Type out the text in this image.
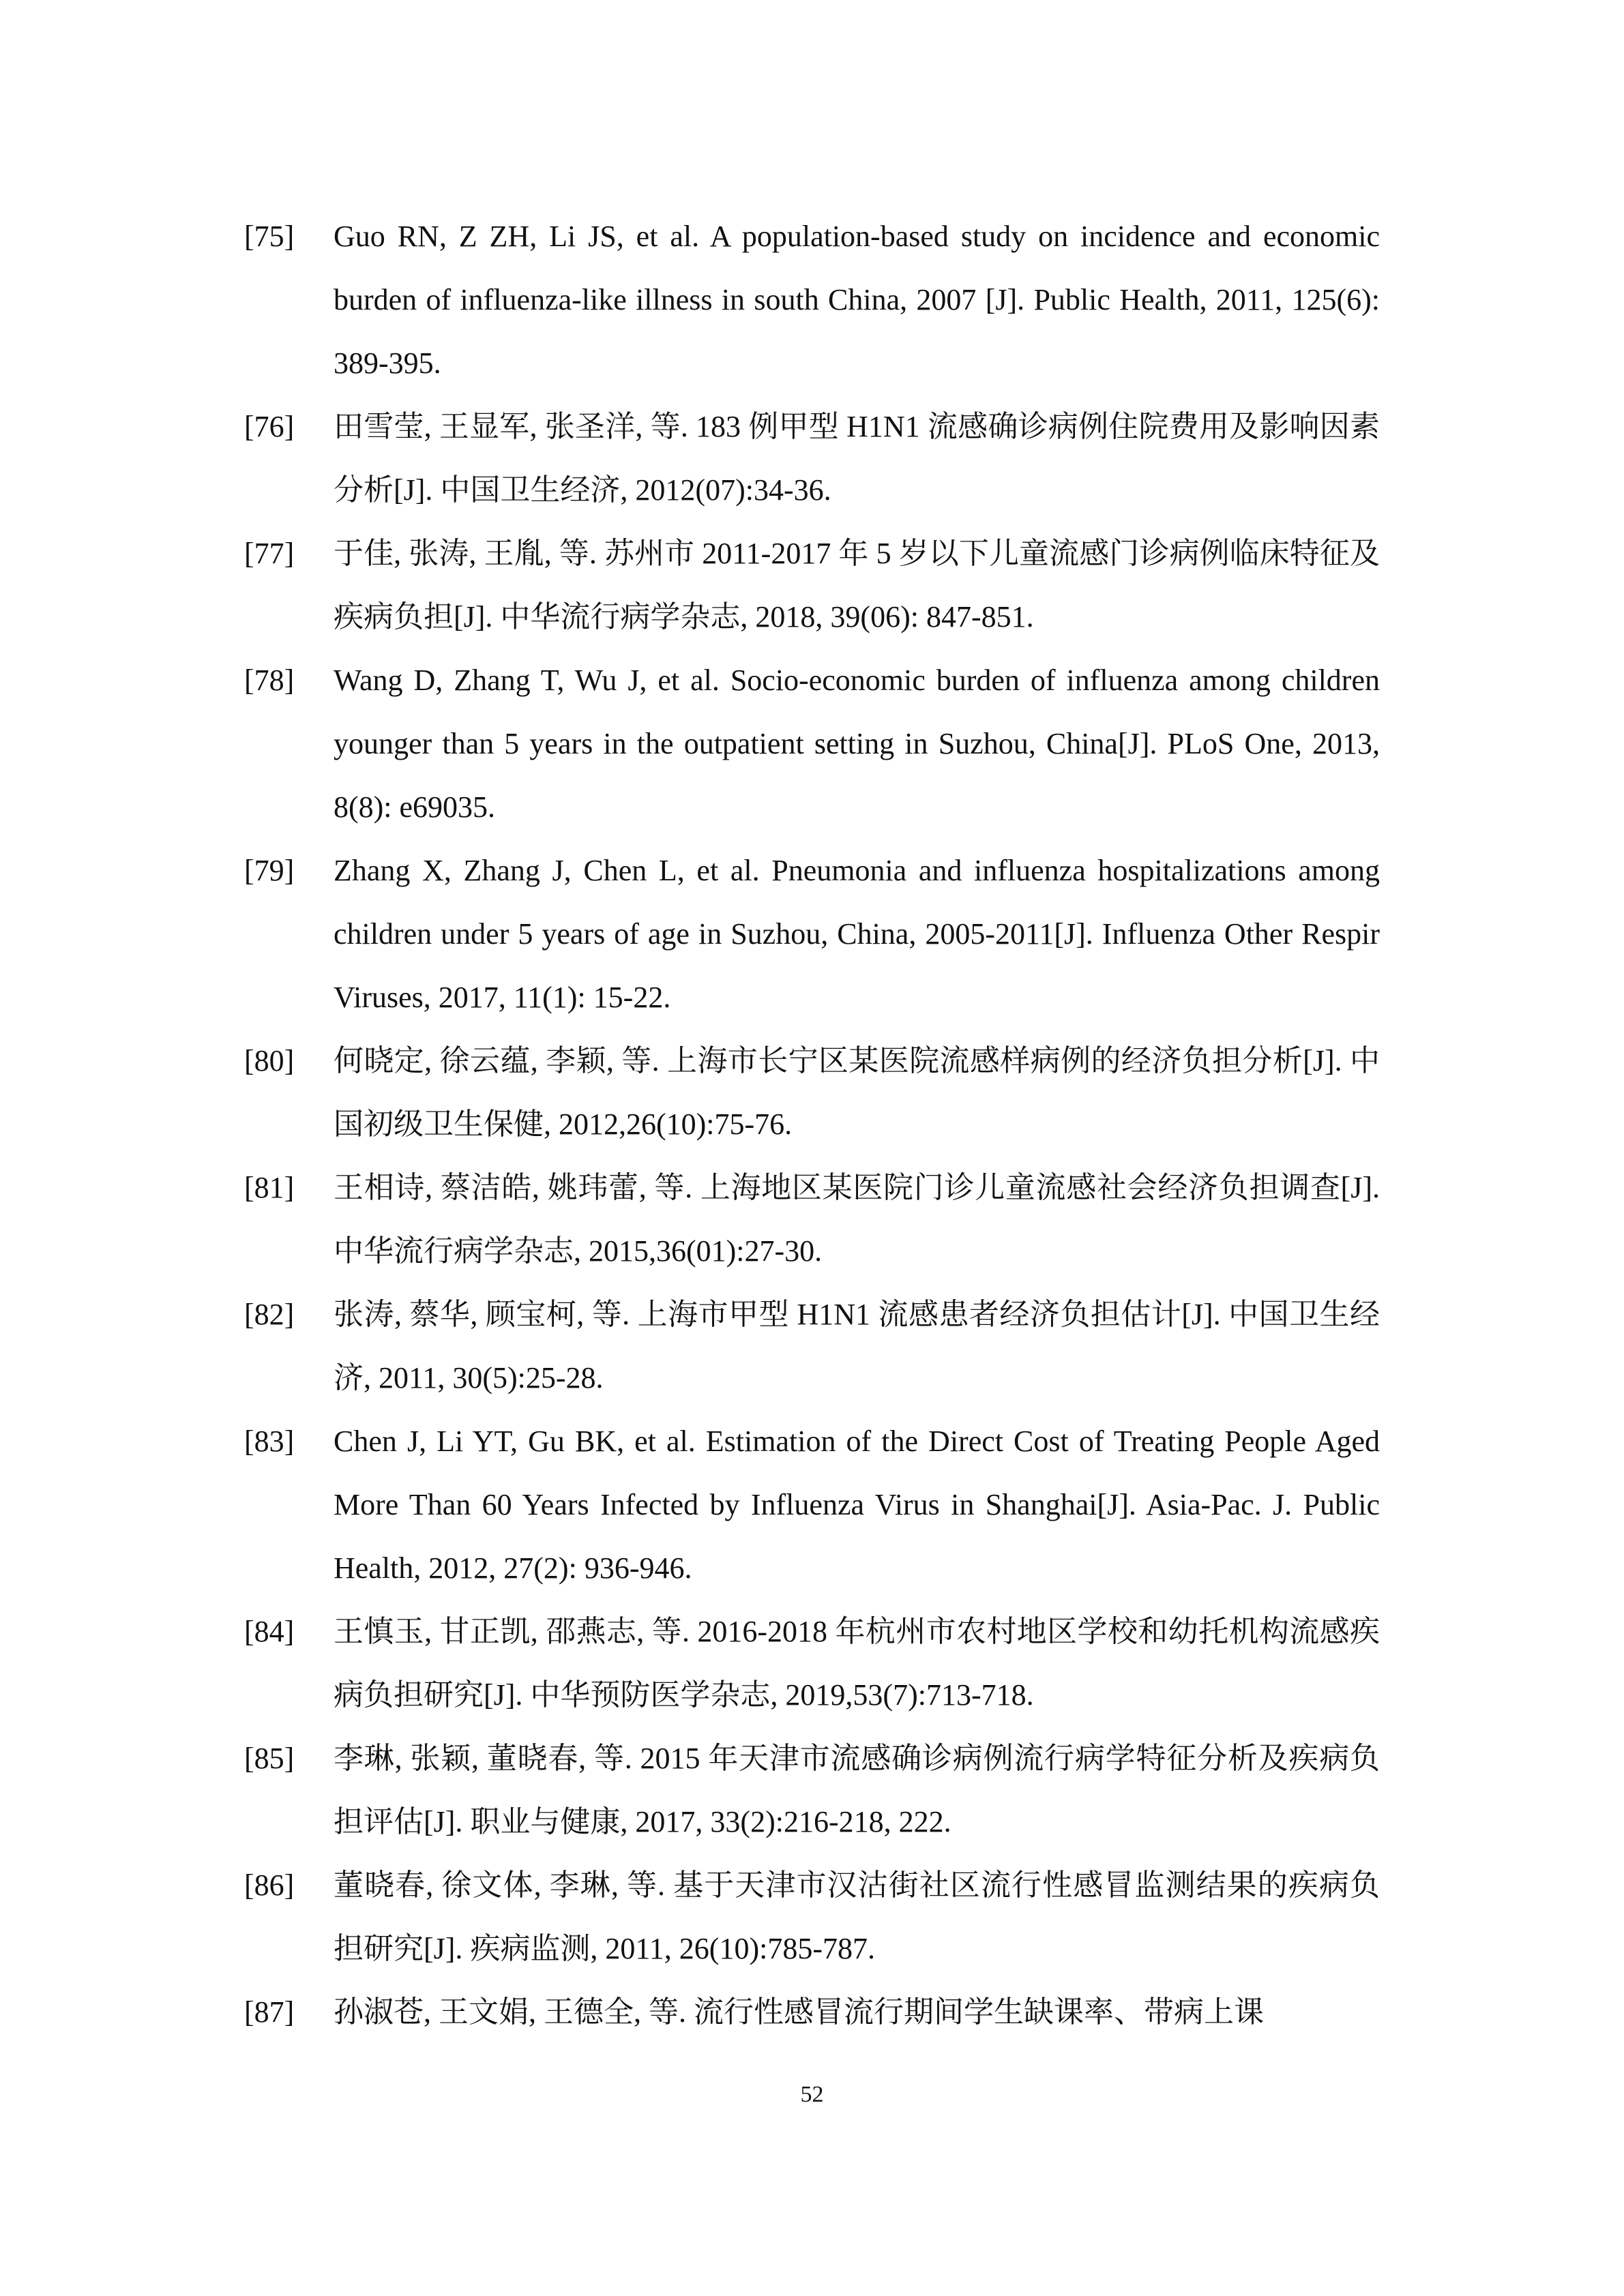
[75]	Guo RN, Z ZH, Li JS, et al. A population-based study on incidence and economic burden of influenza-like illness in south China, 2007 [J]. Public Health, 2011, 125(6): 389-395.
[76]	田雪莹, 王显军, 张圣洋, 等. 183 例甲型 H1N1 流感确诊病例住院费用及影响因素分析[J]. 中国卫生经济, 2012(07):34-36.
[77]	于佳, 张涛, 王胤, 等. 苏州市 2011-2017 年 5 岁以下儿童流感门诊病例临床特征及疾病负担[J]. 中华流行病学杂志, 2018, 39(06): 847-851.
[78]	Wang D, Zhang T, Wu J, et al. Socio-economic burden of influenza among children younger than 5 years in the outpatient setting in Suzhou, China[J]. PLoS One, 2013, 8(8): e69035.
[79]	Zhang X, Zhang J, Chen L, et al. Pneumonia and influenza hospitalizations among children under 5 years of age in Suzhou, China, 2005-2011[J]. Influenza Other Respir Viruses, 2017, 11(1): 15-22.
[80]	何晓定, 徐云蕴, 李颖, 等. 上海市长宁区某医院流感样病例的经济负担分析[J]. 中国初级卫生保健, 2012,26(10):75-76.
[81]	王相诗, 蔡洁皓, 姚玮蕾, 等. 上海地区某医院门诊儿童流感社会经济负担调查[J]. 中华流行病学杂志, 2015,36(01):27-30.
[82]	张涛, 蔡华, 顾宝柯, 等. 上海市甲型 H1N1 流感患者经济负担估计[J]. 中国卫生经济, 2011, 30(5):25-28.
[83]	Chen J, Li YT, Gu BK, et al. Estimation of the Direct Cost of Treating People Aged More Than 60 Years Infected by Influenza Virus in Shanghai[J]. Asia-Pac. J. Public Health, 2012, 27(2): 936-946.
[84]	王慎玉, 甘正凯, 邵燕志, 等. 2016-2018 年杭州市农村地区学校和幼托机构流感疾病负担研究[J]. 中华预防医学杂志, 2019,53(7):713-718.
[85]	李琳, 张颖, 董晓春, 等. 2015 年天津市流感确诊病例流行病学特征分析及疾病负担评估[J]. 职业与健康, 2017, 33(2):216-218, 222.
[86]	董晓春, 徐文体, 李琳, 等. 基于天津市汉沽街社区流行性感冒监测结果的疾病负担研究[J]. 疾病监测, 2011, 26(10):785-787.
[87]	孙淑苍, 王文娟, 王德全, 等. 流行性感冒流行期间学生缺课率、带病上课
52
